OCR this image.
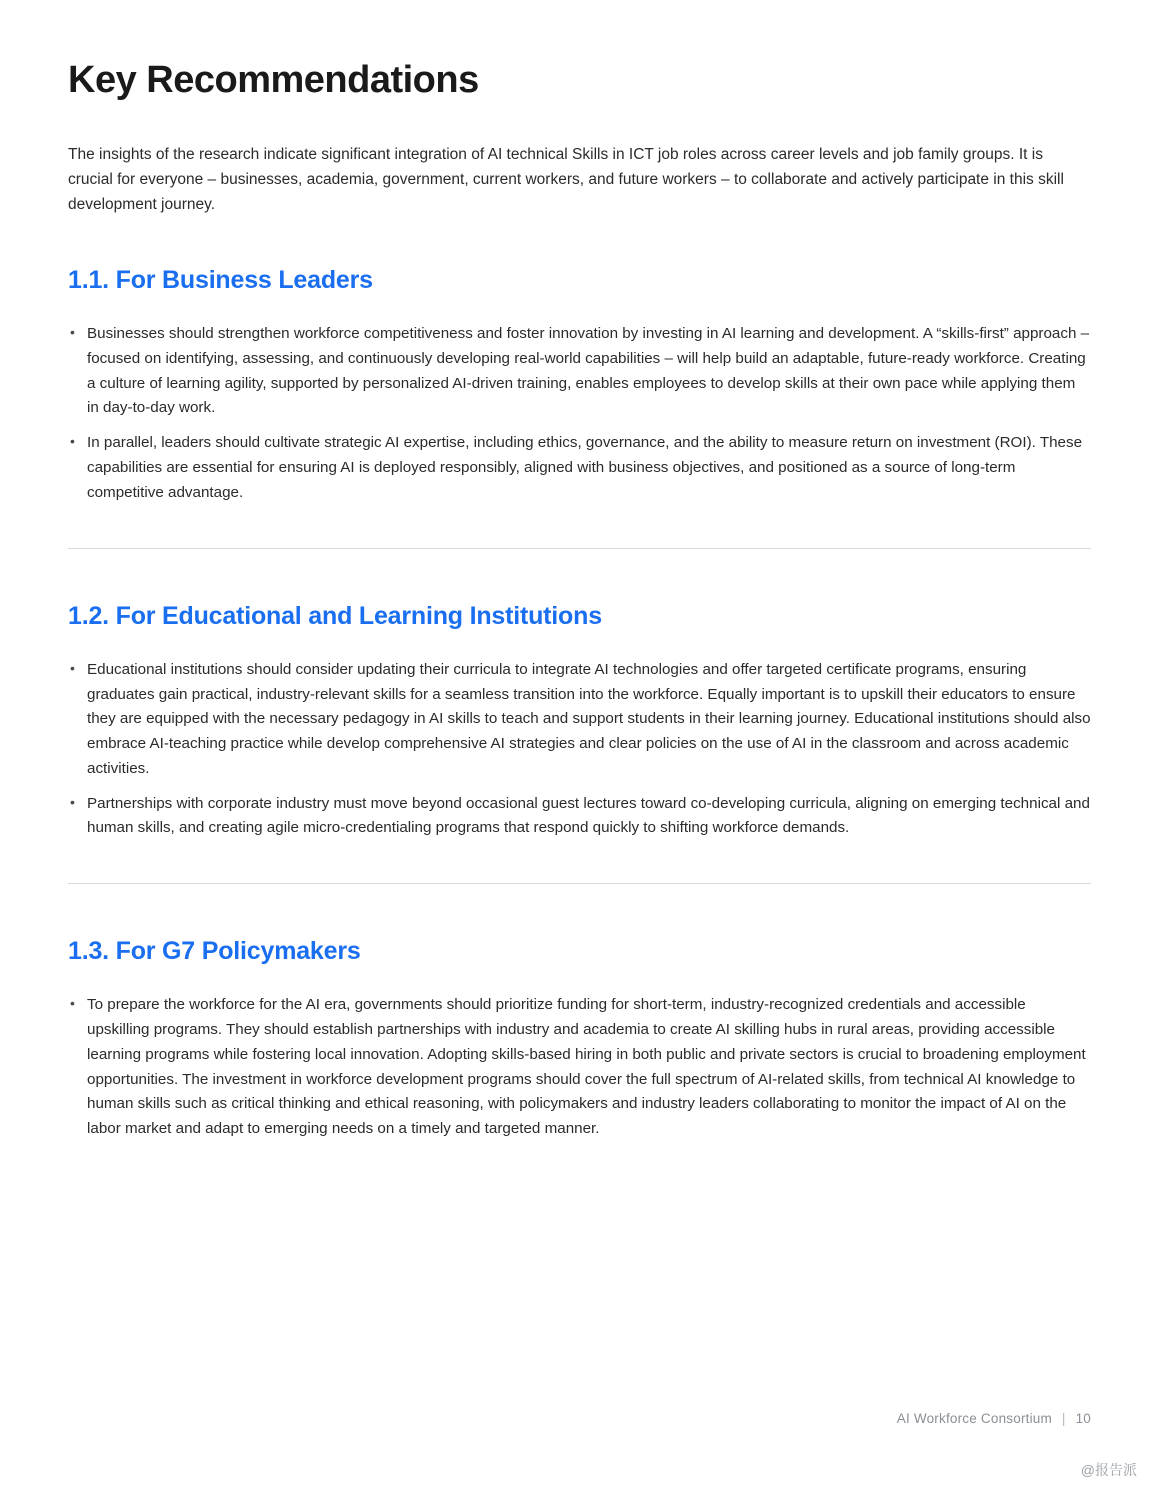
Key Recommendations

The insights of the research indicate significant integration of AI technical Skills in ICT job roles across career levels and job family groups. It is crucial for everyone – businesses, academia, government, current workers, and future workers – to collaborate and actively participate in this skill development journey.

1.1. For Business Leaders
• Businesses should strengthen workforce competitiveness and foster innovation by investing in AI learning and development. A “skills-first” approach – focused on identifying, assessing, and continuously developing real-world capabilities – will help build an adaptable, future-ready workforce. Creating a culture of learning agility, supported by personalized AI-driven training, enables employees to develop skills at their own pace while applying them in day-to-day work.
• In parallel, leaders should cultivate strategic AI expertise, including ethics, governance, and the ability to measure return on investment (ROI). These capabilities are essential for ensuring AI is deployed responsibly, aligned with business objectives, and positioned as a source of long-term competitive advantage.
1.2. For Educational and Learning Institutions
• Educational institutions should consider updating their curricula to integrate AI technologies and offer targeted certificate programs, ensuring graduates gain practical, industry-relevant skills for a seamless transition into the workforce. Equally important is to upskill their educators to ensure they are equipped with the necessary pedagogy in AI skills to teach and support students in their learning journey. Educational institutions should also embrace AI-teaching practice while develop comprehensive AI strategies and clear policies on the use of AI in the classroom and across academic activities.
• Partnerships with corporate industry must move beyond occasional guest lectures toward co-developing curricula, aligning on emerging technical and human skills, and creating agile micro-credentialing programs that respond quickly to shifting workforce demands.
1.3. For G7 Policymakers
• To prepare the workforce for the AI era, governments should prioritize funding for short-term, industry-recognized credentials and accessible upskilling programs. They should establish partnerships with industry and academia to create AI skilling hubs in rural areas, providing accessible learning programs while fostering local innovation. Adopting skills-based hiring in both public and private sectors is crucial to broadening employment opportunities. The investment in workforce development programs should cover the full spectrum of AI-related skills, from technical AI knowledge to human skills such as critical thinking and ethical reasoning, with policymakers and industry leaders collaborating to monitor the impact of AI on the labor market and adapt to emerging needs on a timely and targeted manner.
AI Workforce Consortium | 10
@报告派
